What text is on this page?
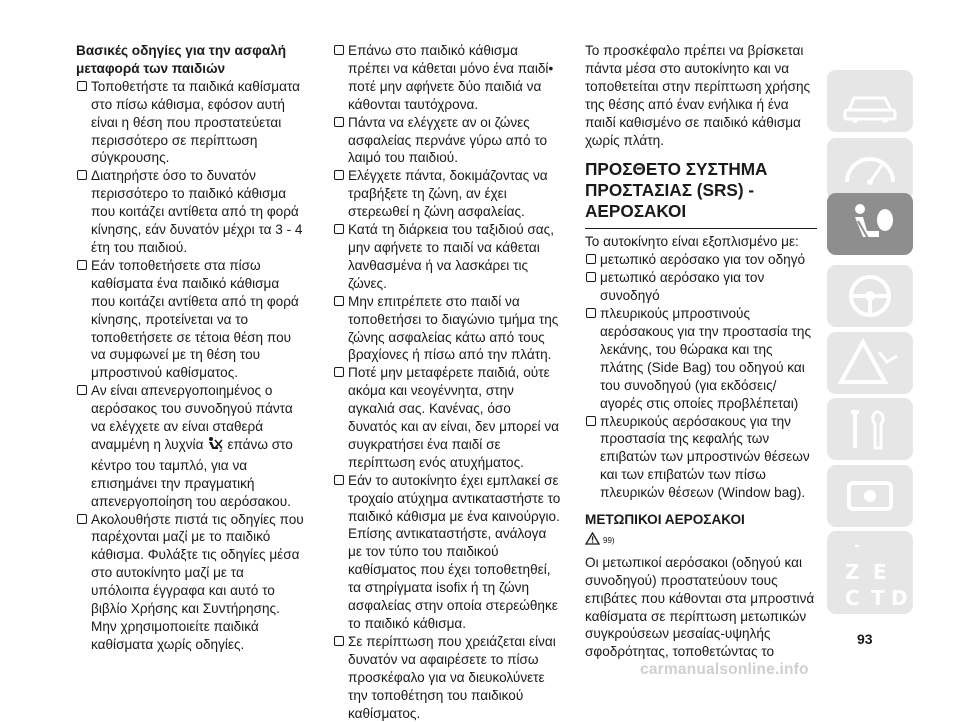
Βασικές οδηγίες για την ασφαλή μεταφορά των παιδιών

Τοποθετήστε τα παιδικά καθίσματα στο πίσω κάθισμα, εφόσον αυτή είναι η θέση που προστατεύεται περισσότερο σε περίπτωση σύγκρουσης.

Διατηρήστε όσο το δυνατόν περισσότερο το παιδικό κάθισμα που κοιτάζει αντίθετα από τη φορά κίνησης, εάν δυνατόν μέχρι τα 3 - 4 έτη του παιδιού.

Εάν τοποθετήσετε στα πίσω καθίσματα ένα παιδικό κάθισμα που κοιτάζει αντίθετα από τη φορά κίνησης, προτείνεται να το τοποθετήσετε σε τέτοια θέση που να συμφωνεί με τη θέση του μπροστινού καθίσματος.

Αν είναι απενεργοποιημένος ο αερόσακος του συνοδηγού πάντα να ελέγχετε αν είναι σταθερά αναμμένη η λυχνία	2 επάνω στο κέντρο του ταμπλό, για να επισημάνει την πραγματική απενεργοποίηση του αερόσακου.

Ακολουθήστε πιστά τις οδηγίες που παρέχονται μαζί με το παιδικό κάθισμα. Φυλάξτε τις οδηγίες μέσα στο αυτοκίνητο μαζί με τα υπόλοιπα έγγραφα και αυτό το βιβλίο Χρήσης και Συντήρησης. Μην χρησιμοποιείτε παιδικά καθίσματα χωρίς οδηγίες.

Επάνω στο παιδικό κάθισμα πρέπει να κάθεται μόνο ένα παιδί• ποτέ μην αφήνετε δύο παιδιά να κάθονται ταυτόχρονα.

Πάντα να ελέγχετε αν οι ζώνες ασφαλείας περνάνε γύρω από το λαιμό του παιδιού.

Ελέγχετε πάντα, δοκιμάζοντας να τραβήξετε τη ζώνη, αν έχει στερεωθεί η ζώνη ασφαλείας.

Κατά τη διάρκεια του ταξιδιού σας, μην αφήνετε το παιδί να κάθεται λανθασμένα ή να λασκάρει τις ζώνες.

Μην επιτρέπετε στο παιδί να τοποθετήσει το διαγώνιο τμήμα της ζώνης ασφαλείας κάτω από τους βραχίονες ή πίσω από την πλάτη.

Ποτέ μην μεταφέρετε παιδιά, ούτε ακόμα και νεογέννητα, στην αγκαλιά σας. Κανένας, όσο δυνατός και αν είναι, δεν μπορεί να συγκρατήσει ένα παιδί σε περίπτωση ενός ατυχήματος.

Εάν το αυτοκίνητο έχει εμπλακεί σε τροχαίο ατύχημα αντικαταστήστε το παιδικό κάθισμα με ένα καινούργιο. Επίσης αντικαταστήστε, ανάλογα με τον τύπο του παιδικού καθίσματος που έχει τοποθετηθεί, τα στηρίγματα isofix ή τη ζώνη ασφαλείας στην οποία στερεώθηκε το παιδικό κάθισμα.

Σε περίπτωση που χρειάζεται είναι δυνατόν να αφαιρέσετε το πίσω προσκέφαλο για να διευκολύνετε την τοποθέτηση του παιδικού καθίσματος.

Το προσκέφαλο πρέπει να βρίσκεται πάντα μέσα στο αυτοκίνητο και να τοποθετείται στην περίπτωση χρήσης της θέσης από έναν ενήλικα ή ένα παιδί καθισμένο σε παιδικό κάθισμα χωρίς πλάτη.

ΠΡΟΣΘΕΤΟ ΣΥΣΤΗΜΑ ΠΡΟΣΤΑΣΙΑΣ (SRS) - ΑΕΡΟΣΑΚΟΙ

Το αυτοκίνητο είναι εξοπλισμένο με:

μετωπικό αερόσακο για τον οδηγό

μετωπικό αερόσακο για τον συνοδηγό

πλευρικούς μπροστινούς αερόσακους για την προστασία της λεκάνης, του θώρακα και της πλάτης (Side Bag) του οδηγού και του συνοδηγού (για εκδόσεις/αγορές στις οποίες προβλέπεται)

πλευρικούς αερόσακους για την προστασία της κεφαλής των επιβατών των μπροστινών θέσεων και των επιβατών των πίσω πλευρικών θέσεων (Window bag).

ΜΕΤΩΠΙΚΟΙ ΑΕΡΟΣΑΚΟΙ

99)

Οι μετωπικοί αερόσακοι (οδηγού και συνοδηγού) προστατεύουν τους επιβάτες που κάθονται στα μπροστινά καθίσματα σε περίπτωση μετωπικών συγκρούσεων μεσαίας-υψηλής σφοδρότητας, τοποθετώντας το

Z E
C T D
93
carmanualsonline.info
